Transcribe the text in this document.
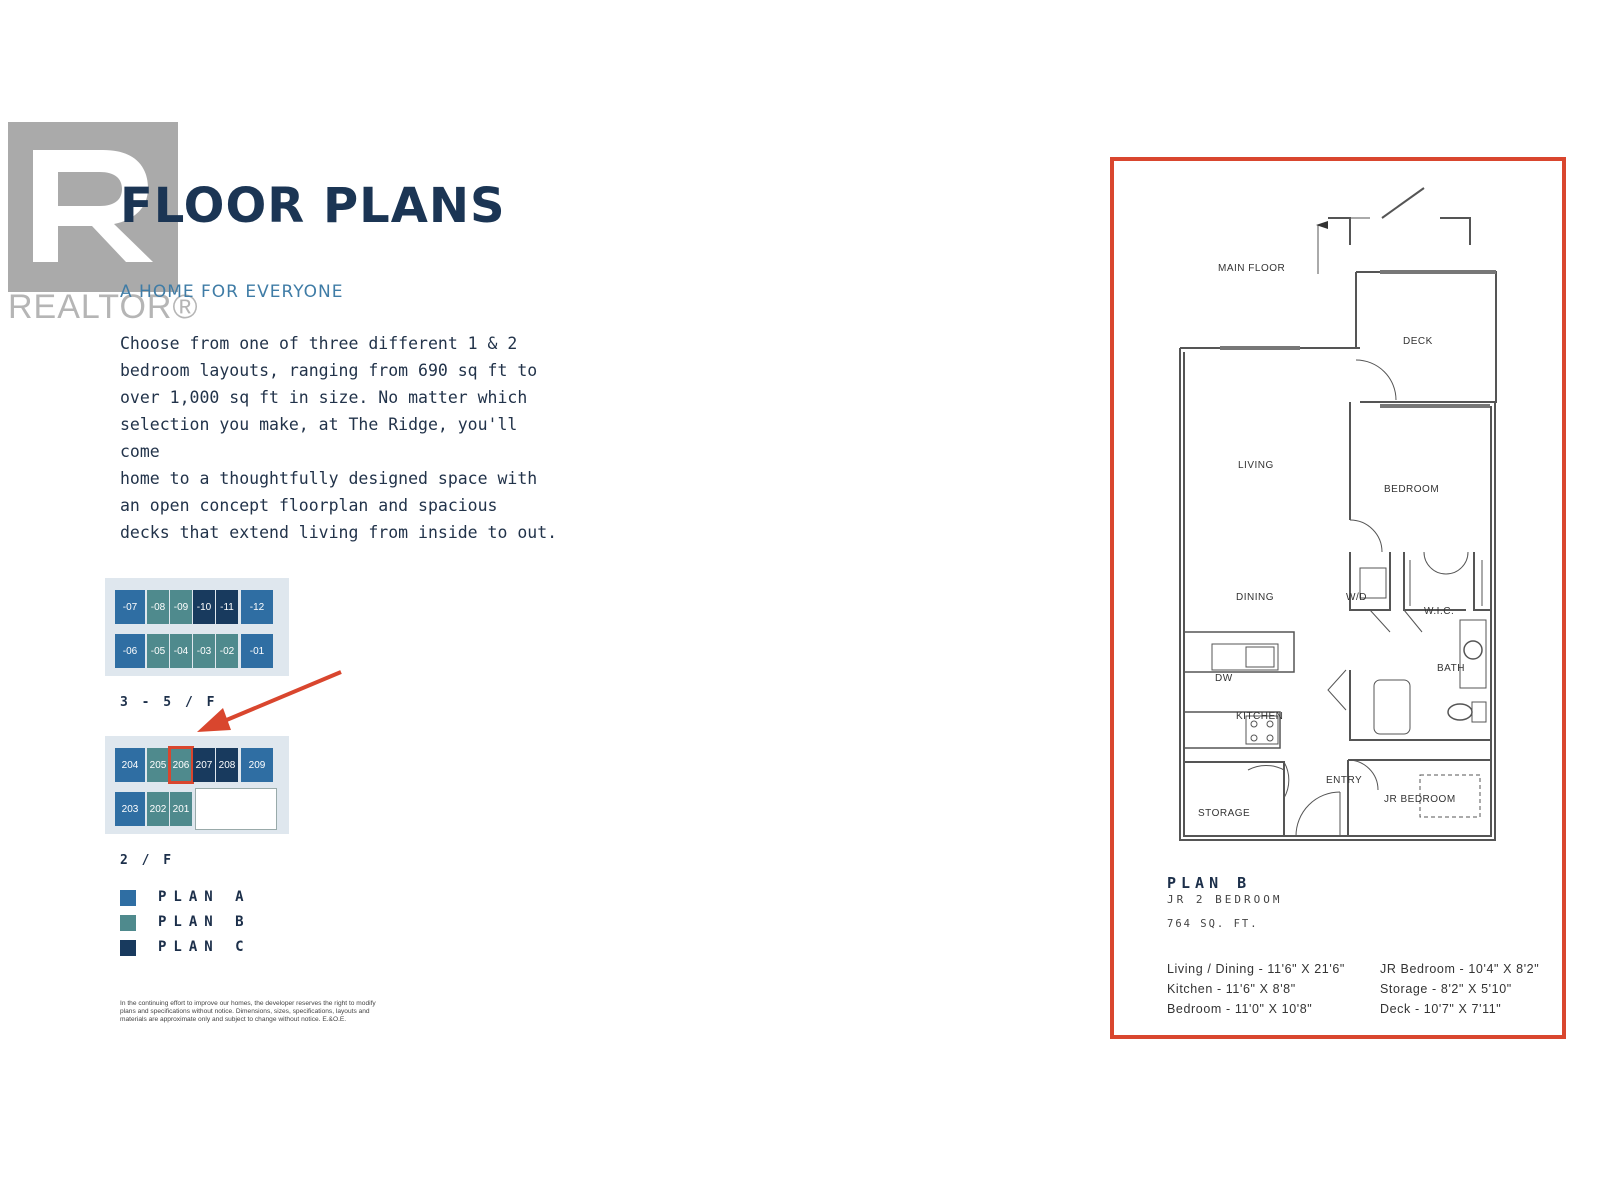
REALTOR®
FLOOR PLANS
A HOME FOR EVERYONE
Choose from one of three different 1 & 2
bedroom layouts, ranging from 690 sq ft to
over 1,000 sq ft in size. No matter which
selection you make, at The Ridge, you'll come
home to a thoughtfully designed space with
an open concept floorplan and spacious
decks that extend living from inside to out.
-07	-08 -09 -10 -11	-12
-06	-05 -04 -03 -02	-01
3 - 5 / F
204	205 206 207 208	209
203	202 201
2 / F
PLAN A
PLAN B
PLAN C
In the continuing effort to improve our homes, the developer reserves the right to modify plans and specifications without notice. Dimensions, sizes, specifications, layouts and materials are approximate only and subject to change without notice. E.&O.E.
MAIN FLOOR
DECK
LIVING
BEDROOM
DINING	W/D
W.I.C.
BATH
DW
KITCHEN
ENTRY
JR BEDROOM
STORAGE
PLAN B
JR 2 BEDROOM
764 SQ. FT.
Living / Dining - 11'6" X 21'6"
Kitchen - 11'6" X 8'8"
Bedroom - 11'0" X 10'8"
JR Bedroom - 10'4" X 8'2"
Storage - 8'2" X 5'10"
Deck - 10'7" X 7'11"
